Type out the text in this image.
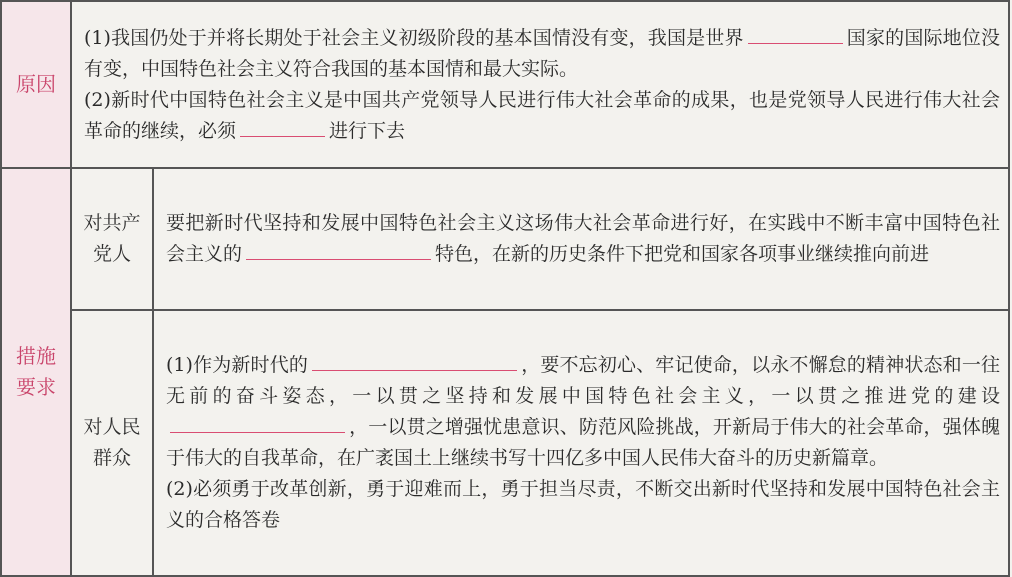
原因	(1)我国仍处于并将长期处于社会主义初级阶段的基本国情没有变，我国是世界 国家的国际地位没有变，中国特色社会主义符合我国的基本国情和最大实际。

(2)新时代中国特色社会主义是中国共产党领导人民进行伟大社会革命的成果，也是党领导人民进行伟大社会革命的继续，必须 进行下去	

措施要求	对共产党人	要把新时代坚持和发展中国特色社会主义这场伟大社会革命进行好，在实践中不断丰富中国特色社会主义的 特色，在新的历史条件下把党和国家各项事业继续推向前进

	对人民群众	(1)作为新时代的 ，要不忘初心、牢记使命，以永不懈怠的精神状态和一往无前的奋斗姿态，一以贯之坚持和发展中国特色社会主义，一以贯之推进党的建设，一以贯之增强忧患意识、防范风险挑战，开新局于伟大的社会革命，强体魄于伟大的自我革命，在广袤国土上继续书写十四亿多中国人民伟大奋斗的历史新篇章。

(2)必须勇于改革创新，勇于迎难而上，勇于担当尽责，不断交出新时代坚持和发展中国特色社会主义的合格答卷
